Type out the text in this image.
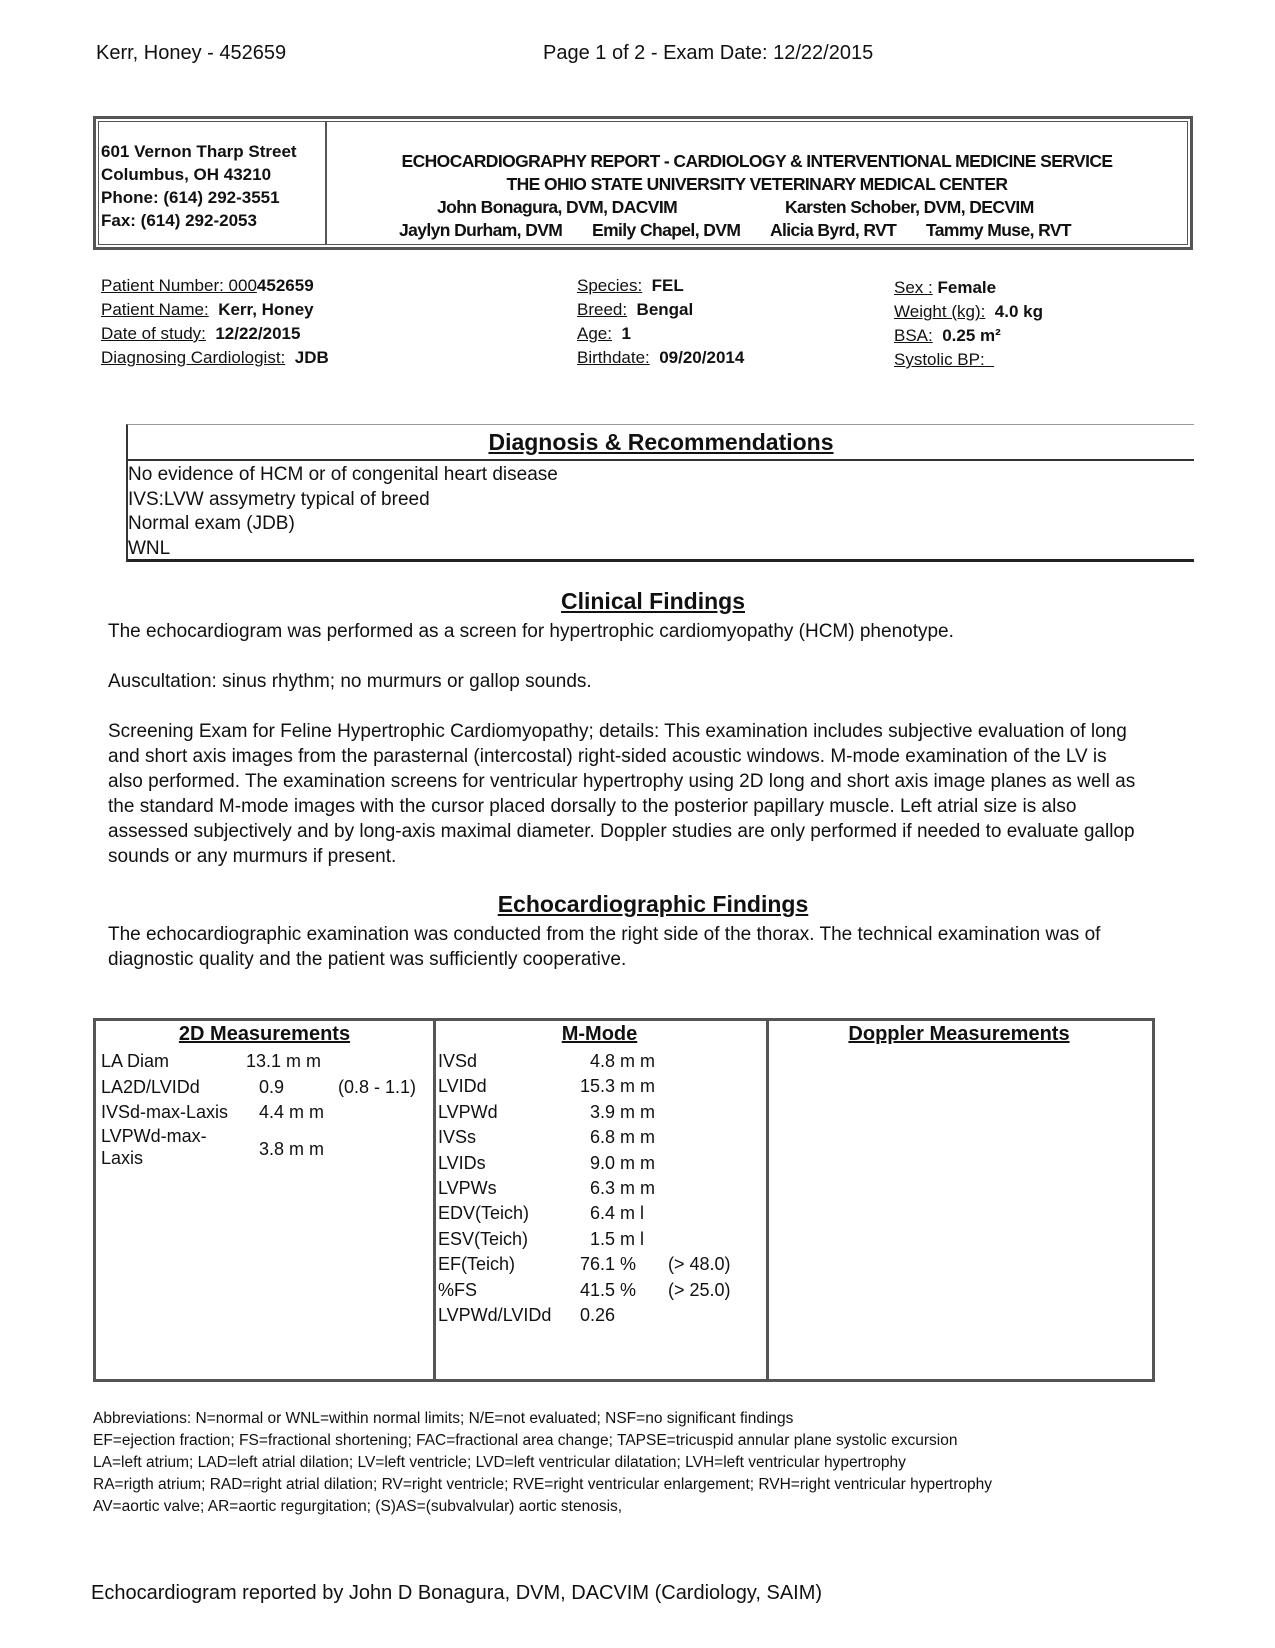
Kerr, Honey - 452659	Page 1 of 2 - Exam Date: 12/22/2015
601 Vernon Tharp Street
Columbus, OH 43210
Phone: (614) 292-3551
Fax: (614) 292-2053
ECHOCARDIOGRAPHY REPORT - CARDIOLOGY & INTERVENTIONAL MEDICINE SERVICE
THE OHIO STATE UNIVERSITY VETERINARY MEDICAL CENTER
John Bonagura, DVM, DACVIM	Karsten Schober, DVM, DECVIM
Jaylyn Durham, DVM Emily Chapel, DVM Alicia Byrd, RVT Tammy Muse, RVT
Patient Number: 000452659
Patient Name: Kerr, Honey
Date of study: 12/22/2015
Diagnosing Cardiologist: JDB
Species: FEL
Breed: Bengal
Age: 1
Birthdate: 09/20/2014
Sex : Female
Weight (kg): 4.0 kg
BSA: 0.25 m²
Systolic BP:
Diagnosis & Recommendations
No evidence of HCM or of congenital heart disease
IVS:LVW assymetry typical of breed
Normal exam (JDB)
WNL
Clinical Findings
The echocardiogram was performed as a screen for hypertrophic cardiomyopathy (HCM) phenotype.
Auscultation: sinus rhythm; no murmurs or gallop sounds.
Screening Exam for Feline Hypertrophic Cardiomyopathy; details: This examination includes subjective evaluation of long
and short axis images from the parasternal (intercostal) right-sided acoustic windows. M-mode examination of the LV is
also performed. The examination screens for ventricular hypertrophy using 2D long and short axis image planes as well as
the standard M-mode images with the cursor placed dorsally to the posterior papillary muscle. Left atrial size is also
assessed subjectively and by long-axis maximal diameter. Doppler studies are only performed if needed to evaluate gallop
sounds or any murmurs if present.
Echocardiographic Findings
The echocardiographic examination was conducted from the right side of the thorax. The technical examination was of
diagnostic quality and the patient was sufficiently cooperative.
2D Measurements
LA Diam	13.1 m m
LA2D/LVIDd	0.9	(0.8 - 1.1)
IVSd-max-Laxis 4.4 m m
LVPWd-max-
Laxis	3.8 m m
M-Mode
IVSd	4.8 m m
LVIDd	15.3 m m
LVPWd	3.9 m m
IVSs	6.8 m m
LVIDs	9.0 m m
LVPWs	6.3 m m
EDV(Teich)	6.4 m l
ESV(Teich)	1.5 m l
EF(Teich)	76.1 % (> 48.0)
%FS	41.5 % (> 25.0)
LVPWd/LVIDd 0.26
Doppler Measurements
Abbreviations: N=normal or WNL=within normal limits; N/E=not evaluated; NSF=no significant findings
EF=ejection fraction; FS=fractional shortening; FAC=fractional area change; TAPSE=tricuspid annular plane systolic excursion
LA=left atrium; LAD=left atrial dilation; LV=left ventricle; LVD=left ventricular dilatation; LVH=left ventricular hypertrophy
RA=rigth atrium; RAD=right atrial dilation; RV=right ventricle; RVE=right ventricular enlargement; RVH=right ventricular hypertrophy
AV=aortic valve; AR=aortic regurgitation; (S)AS=(subvalvular) aortic stenosis,
Echocardiogram reported by John D Bonagura, DVM, DACVIM (Cardiology, SAIM)
